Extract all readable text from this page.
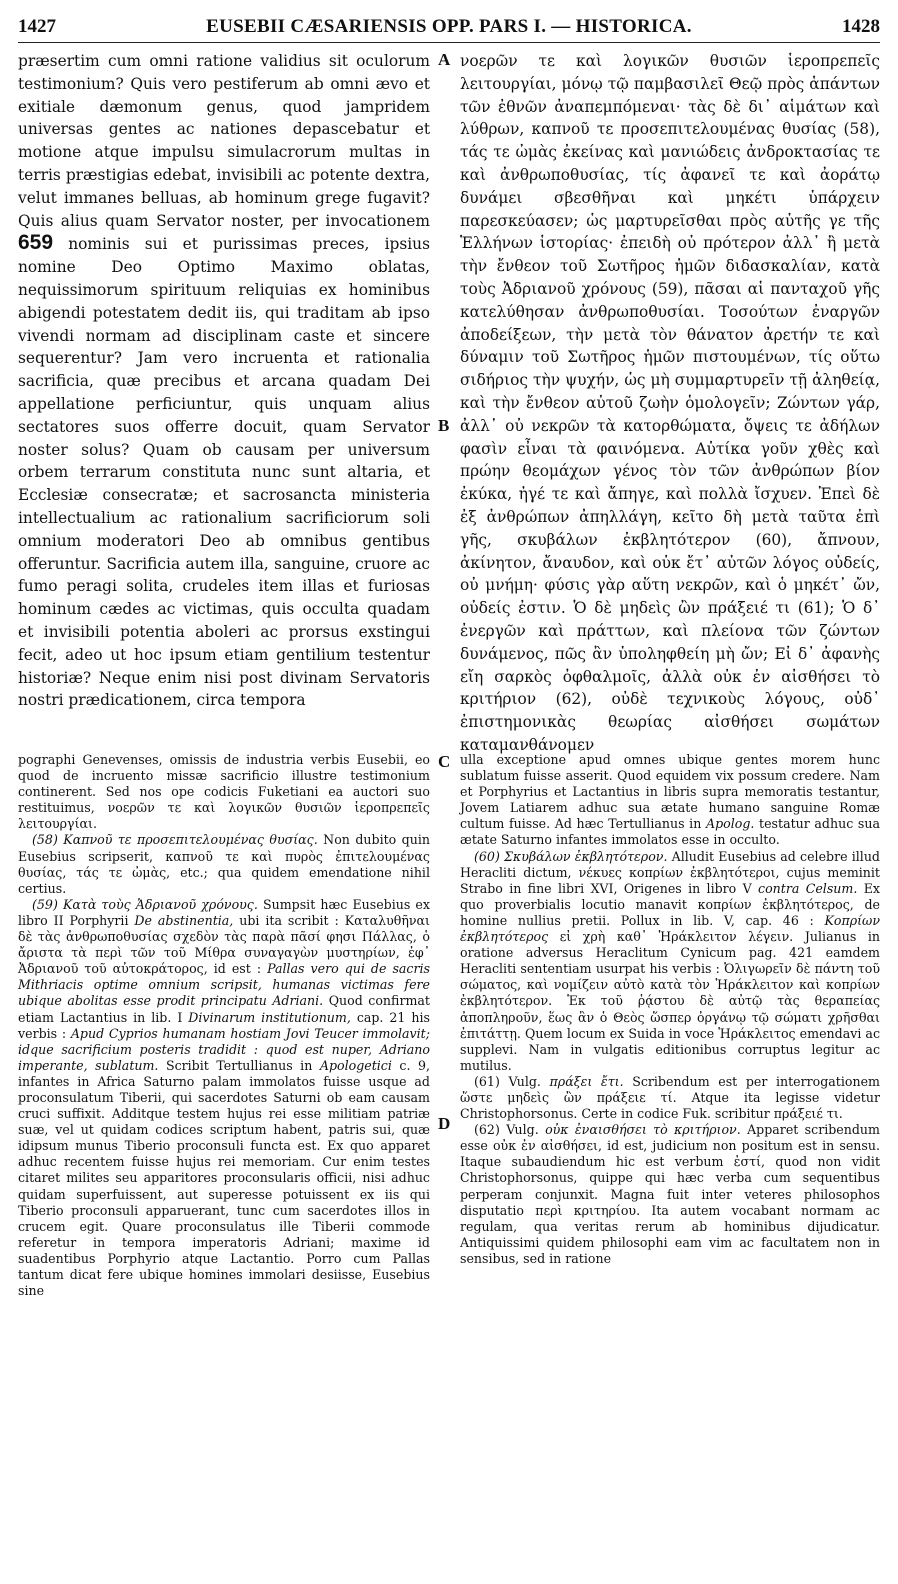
1427	EUSEBII CÆSARIENSIS OPP. PARS I. — HISTORICA.	1428
A
B
C
D

præsertim cum omni ratione validius sit oculorum testimonium? Quis vero pestiferum ab omni ævo et exitiale dæmonum genus, quod jampridem universas gentes ac nationes depascebatur et motione atque impulsu simulacrorum multas in terris præstigias edebat, invisibili ac potente dextra, velut immanes belluas, ab hominum grege fugavit? Quis alius quam Servator noster, per invocationem 659 nominis sui et purissimas preces, ipsius nomine Deo Optimo Maximo oblatas, nequissimorum spirituum reliquias ex hominibus abigendi potestatem dedit iis, qui traditam ab ipso vivendi normam ad disciplinam caste et sincere sequerentur? Jam vero incruenta et rationalia sacrificia, quæ precibus et arcana quadam Dei appellatione perficiuntur, quis unquam alius sectatores suos offerre docuit, quam Servator noster solus? Quam ob causam per universum orbem terrarum constituta nunc sunt altaria, et Ecclesiæ consecratæ; et sacrosancta ministeria intellectualium ac rationalium sacrificiorum soli omnium moderatori Deo ab omnibus gentibus offeruntur. Sacrificia autem illa, sanguine, cruore ac fumo peragi solita, crudeles item illas et furiosas hominum cædes ac victimas, quis occulta quadam et invisibili potentia aboleri ac prorsus exstingui fecit, adeo ut hoc ipsum etiam gentilium testentur historiæ? Neque enim nisi post divinam Servatoris nostri prædicationem, circa tempora

νοερῶν τε καὶ λογικῶν θυσιῶν ἱεροπρεπεῖς λειτουργίαι, μόνῳ τῷ παμβασιλεῖ Θεῷ πρὸς ἁπάντων τῶν ἐθνῶν ἀναπεμπόμεναι· τὰς δὲ δι᾽ αἱμάτων καὶ λύθρων, καπνοῦ τε προσεπιτελουμένας θυσίας (58), τάς τε ὠμὰς ἐκείνας καὶ μανιώδεις ἀνδροκτασίας τε καὶ ἀνθρωποθυσίας, τίς ἀφανεῖ τε καὶ ἀοράτῳ δυνάμει σβεσθῆναι καὶ μηκέτι ὑπάρχειν παρεσκεύασεν; ὡς μαρτυρεῖσθαι πρὸς αὐτῆς γε τῆς Ἑλλήνων ἱστορίας· ἐπειδὴ οὐ πρότερον ἀλλ᾽ ἢ μετὰ τὴν ἔνθεον τοῦ Σωτῆρος ἡμῶν διδασκαλίαν, κατὰ τοὺς Ἀδριανοῦ χρόνους (59), πᾶσαι αἱ πανταχοῦ γῆς κατελύθησαν ἀνθρωποθυσίαι. Τοσούτων ἐναργῶν ἀποδείξεων, τὴν μετὰ τὸν θάνατον ἀρετήν τε καὶ δύναμιν τοῦ Σωτῆρος ἡμῶν πιστουμένων, τίς οὕτω σιδήριος τὴν ψυχήν, ὡς μὴ συμμαρτυρεῖν τῇ ἀληθείᾳ, καὶ τὴν ἔνθεον αὐτοῦ ζωὴν ὁμολογεῖν; Ζώντων γάρ, ἀλλ᾽ οὐ νεκρῶν τὰ κατορθώματα, ὄψεις τε ἀδήλων φασὶν εἶναι τὰ φαινόμενα. Αὐτίκα γοῦν χθὲς καὶ πρώην θεομάχων γένος τὸν τῶν ἀνθρώπων βίον ἐκύκα, ἠγέ τε καὶ ἄπηγε, καὶ πολλὰ ἴσχυεν. Ἐπεὶ δὲ ἐξ ἀνθρώπων ἀπηλλάγη, κεῖτο δὴ μετὰ ταῦτα ἐπὶ γῆς, σκυβάλων ἐκβλητότερον (60), ἄπνουν, ἀκίνητον, ἄναυδον, καὶ οὐκ ἔτ᾽ αὐτῶν λόγος οὐδείς, οὐ μνήμη· φύσις γὰρ αὕτη νεκρῶν, καὶ ὁ μηκέτ᾽ ὤν, οὐδείς ἐστιν. Ὁ δὲ μηδεὶς ὢν πράξειέ τι (61); Ὁ δ᾽ ἐνεργῶν καὶ πράττων, καὶ πλείονα τῶν ζώντων δυνάμενος, πῶς ἂν ὑποληφθείη μὴ ὤν; Εἰ δ᾽ ἀφανὴς εἴη σαρκὸς ὀφθαλμοῖς, ἀλλὰ οὐκ ἐν αἰσθήσει τὸ κριτήριον (62), οὐδὲ τεχνικοὺς λόγους, οὐδ᾽ ἐπιστημονικὰς θεωρίας αἰσθήσει σωμάτων καταμανθάνομεν

pographi Genevenses, omissis de industria verbis Eusebii, eo quod de incruento missæ sacrificio illustre testimonium continerent. Sed nos ope codicis Fuketiani ea auctori suo restituimus, νοερῶν τε καὶ λογικῶν θυσιῶν ἱεροπρεπεῖς λειτουργίαι.

(58) Καπνοῦ τε προσεπιτελουμένας θυσίας. Non dubito quin Eusebius scripserit, καπνοῦ τε καὶ πυρὸς ἐπιτελουμένας θυσίας, τάς τε ὠμὰς, etc.; qua quidem emendatione nihil certius.

(59) Κατὰ τοὺς Ἀδριανοῦ χρόνους. Sumpsit hæc Eusebius ex libro II Porphyrii De abstinentia, ubi ita scribit : Καταλυθῆναι δὲ τὰς ἀνθρωποθυσίας σχεδὸν τὰς παρὰ πᾶσί φησι Πάλλας, ὁ ἄριστα τὰ περὶ τῶν τοῦ Μίθρα συναγαγὼν μυστηρίων, ἐφ᾽ Ἀδριανοῦ τοῦ αὐτοκράτορος, id est : Pallas vero qui de sacris Mithriacis optime omnium scripsit, humanas victimas fere ubique abolitas esse prodit principatu Adriani. Quod confirmat etiam Lactantius in lib. I Divinarum institutionum, cap. 21 his verbis : Apud Cyprios humanam hostiam Jovi Teucer immolavit; idque sacrificium posteris tradidit : quod est nuper, Adriano imperante, sublatum. Scribit Tertullianus in Apologetici c. 9, infantes in Africa Saturno palam immolatos fuisse usque ad proconsulatum Tiberii, qui sacerdotes Saturni ob eam causam cruci suffixit. Additque testem hujus rei esse militiam patriæ suæ, vel ut quidam codices scriptum habent, patris sui, quæ idipsum munus Tiberio proconsuli functa est. Ex quo apparet adhuc recentem fuisse hujus rei memoriam. Cur enim testes citaret milites seu apparitores proconsularis officii, nisi adhuc quidam superfuissent, aut superesse potuissent ex iis qui Tiberio proconsuli apparuerant, tunc cum sacerdotes illos in crucem egit. Quare proconsulatus ille Tiberii commode referetur in tempora imperatoris Adriani; maxime id suadentibus Porphyrio atque Lactantio. Porro cum Pallas tantum dicat fere ubique homines immolari desiisse, Eusebius sine

ulla exceptione apud omnes ubique gentes morem hunc sublatum fuisse asserit. Quod equidem vix possum credere. Nam et Porphyrius et Lactantius in libris supra memoratis testantur, Jovem Latiarem adhuc sua ætate humano sanguine Romæ cultum fuisse. Ad hæc Tertullianus in Apolog. testatur adhuc sua ætate Saturno infantes immolatos esse in occulto.

(60) Σκυβάλων ἐκβλητότερον. Alludit Eusebius ad celebre illud Heracliti dictum, νέκυες κοπρίων ἐκβλητότεροι, cujus meminit Strabo in fine libri XVI, Origenes in libro V contra Celsum. Ex quo proverbialis locutio manavit κοπρίων ἐκβλητότερος, de homine nullius pretii. Pollux in lib. V, cap. 46 : Κοπρίων ἐκβλητότερος εἰ χρὴ καθ᾽ Ἡράκλειτον λέγειν. Julianus in oratione adversus Heraclitum Cynicum pag. 421 eamdem Heracliti sententiam usurpat his verbis : Ὀλιγωρεῖν δὲ πάντη τοῦ σώματος, καὶ νομίζειν αὐτὸ κατὰ τὸν Ἡράκλειτον καὶ κοπρίων ἐκβλητότερον. Ἐκ τοῦ ῥᾴστου δὲ αὐτῷ τὰς θεραπείας ἀποπληροῦν, ἕως ἂν ὁ Θεὸς ὥσπερ ὀργάνῳ τῷ σώματι χρῆσθαι ἐπιτάττῃ. Quem locum ex Suida in voce Ἡράκλειτος emendavi ac supplevi. Nam in vulgatis editionibus corruptus legitur ac mutilus.

(61) Vulg. πράξει ἔτι. Scribendum est per interrogationem ὥστε μηδεὶς ὢν πράξειε τί. Atque ita legisse videtur Christophorsonus. Certe in codice Fuk. scribitur πράξειέ τι.

(62) Vulg. οὐκ ἐναισθήσει τὸ κριτήριον. Apparet scribendum esse οὐκ ἐν αἰσθήσει, id est, judicium non positum est in sensu. Itaque subaudiendum hic est verbum ἐστί, quod non vidit Christophorsonus, quippe qui hæc verba cum sequentibus perperam conjunxit. Magna fuit inter veteres philosophos disputatio περὶ κριτηρίου. Ita autem vocabant normam ac regulam, qua veritas rerum ab hominibus dijudicatur. Antiquissimi quidem philosophi eam vim ac facultatem non in sensibus, sed in ratione
